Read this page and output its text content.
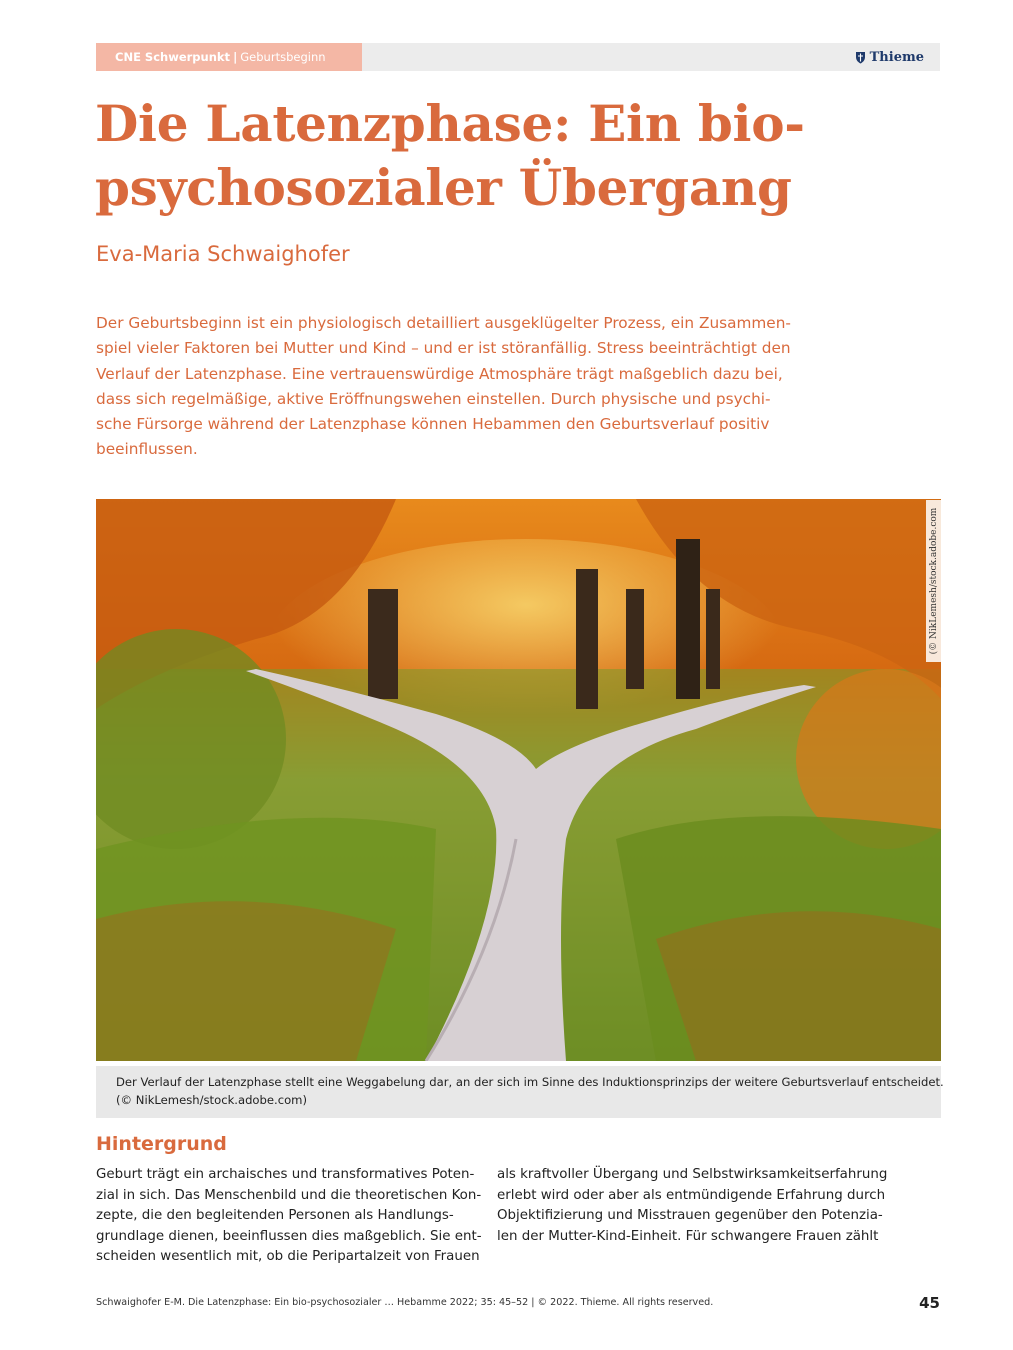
CNE Schwerpunkt | Geburtsbeginn	Thieme
Die Latenzphase: Ein bio-
psychosozialer Übergang
Eva-Maria Schwaighofer
Der Geburtsbeginn ist ein physiologisch detailliert ausgeklügelter Prozess, ein Zusammen-
spiel vieler Faktoren bei Mutter und Kind – und er ist störanfällig. Stress beeinträchtigt den
Verlauf der Latenzphase. Eine vertrauenswürdige Atmosphäre trägt maßgeblich dazu bei,
dass sich regelmäßige, aktive Eröffnungswehen einstellen. Durch physische und psychi-
sche Fürsorge während der Latenzphase können Hebammen den Geburtsverlauf positiv
beeinflussen.
(© NikLemesh/stock.adobe.com
Der Verlauf der Latenzphase stellt eine Weggabelung dar, an der sich im Sinne des Induktionsprinzips der weitere Geburtsverlauf entscheidet.
(© NikLemesh/stock.adobe.com)
Hintergrund
Geburt trägt ein archaisches und transformatives Poten-
zial in sich. Das Menschenbild und die theoretischen Kon-
zepte, die den begleitenden Personen als Handlungs-
grundlage dienen, beeinflussen dies maßgeblich. Sie ent-
scheiden wesentlich mit, ob die Peripartalzeit von Frauen
als kraftvoller Übergang und Selbstwirksamkeitserfahrung
erlebt wird oder aber als entmündigende Erfahrung durch
Objektifizierung und Misstrauen gegenüber den Potenzia-
len der Mutter-Kind-Einheit. Für schwangere Frauen zählt
Schwaighofer E-M. Die Latenzphase: Ein bio-psychosozialer … Hebamme 2022; 35: 45–52 | © 2022. Thieme. All rights reserved.	45
